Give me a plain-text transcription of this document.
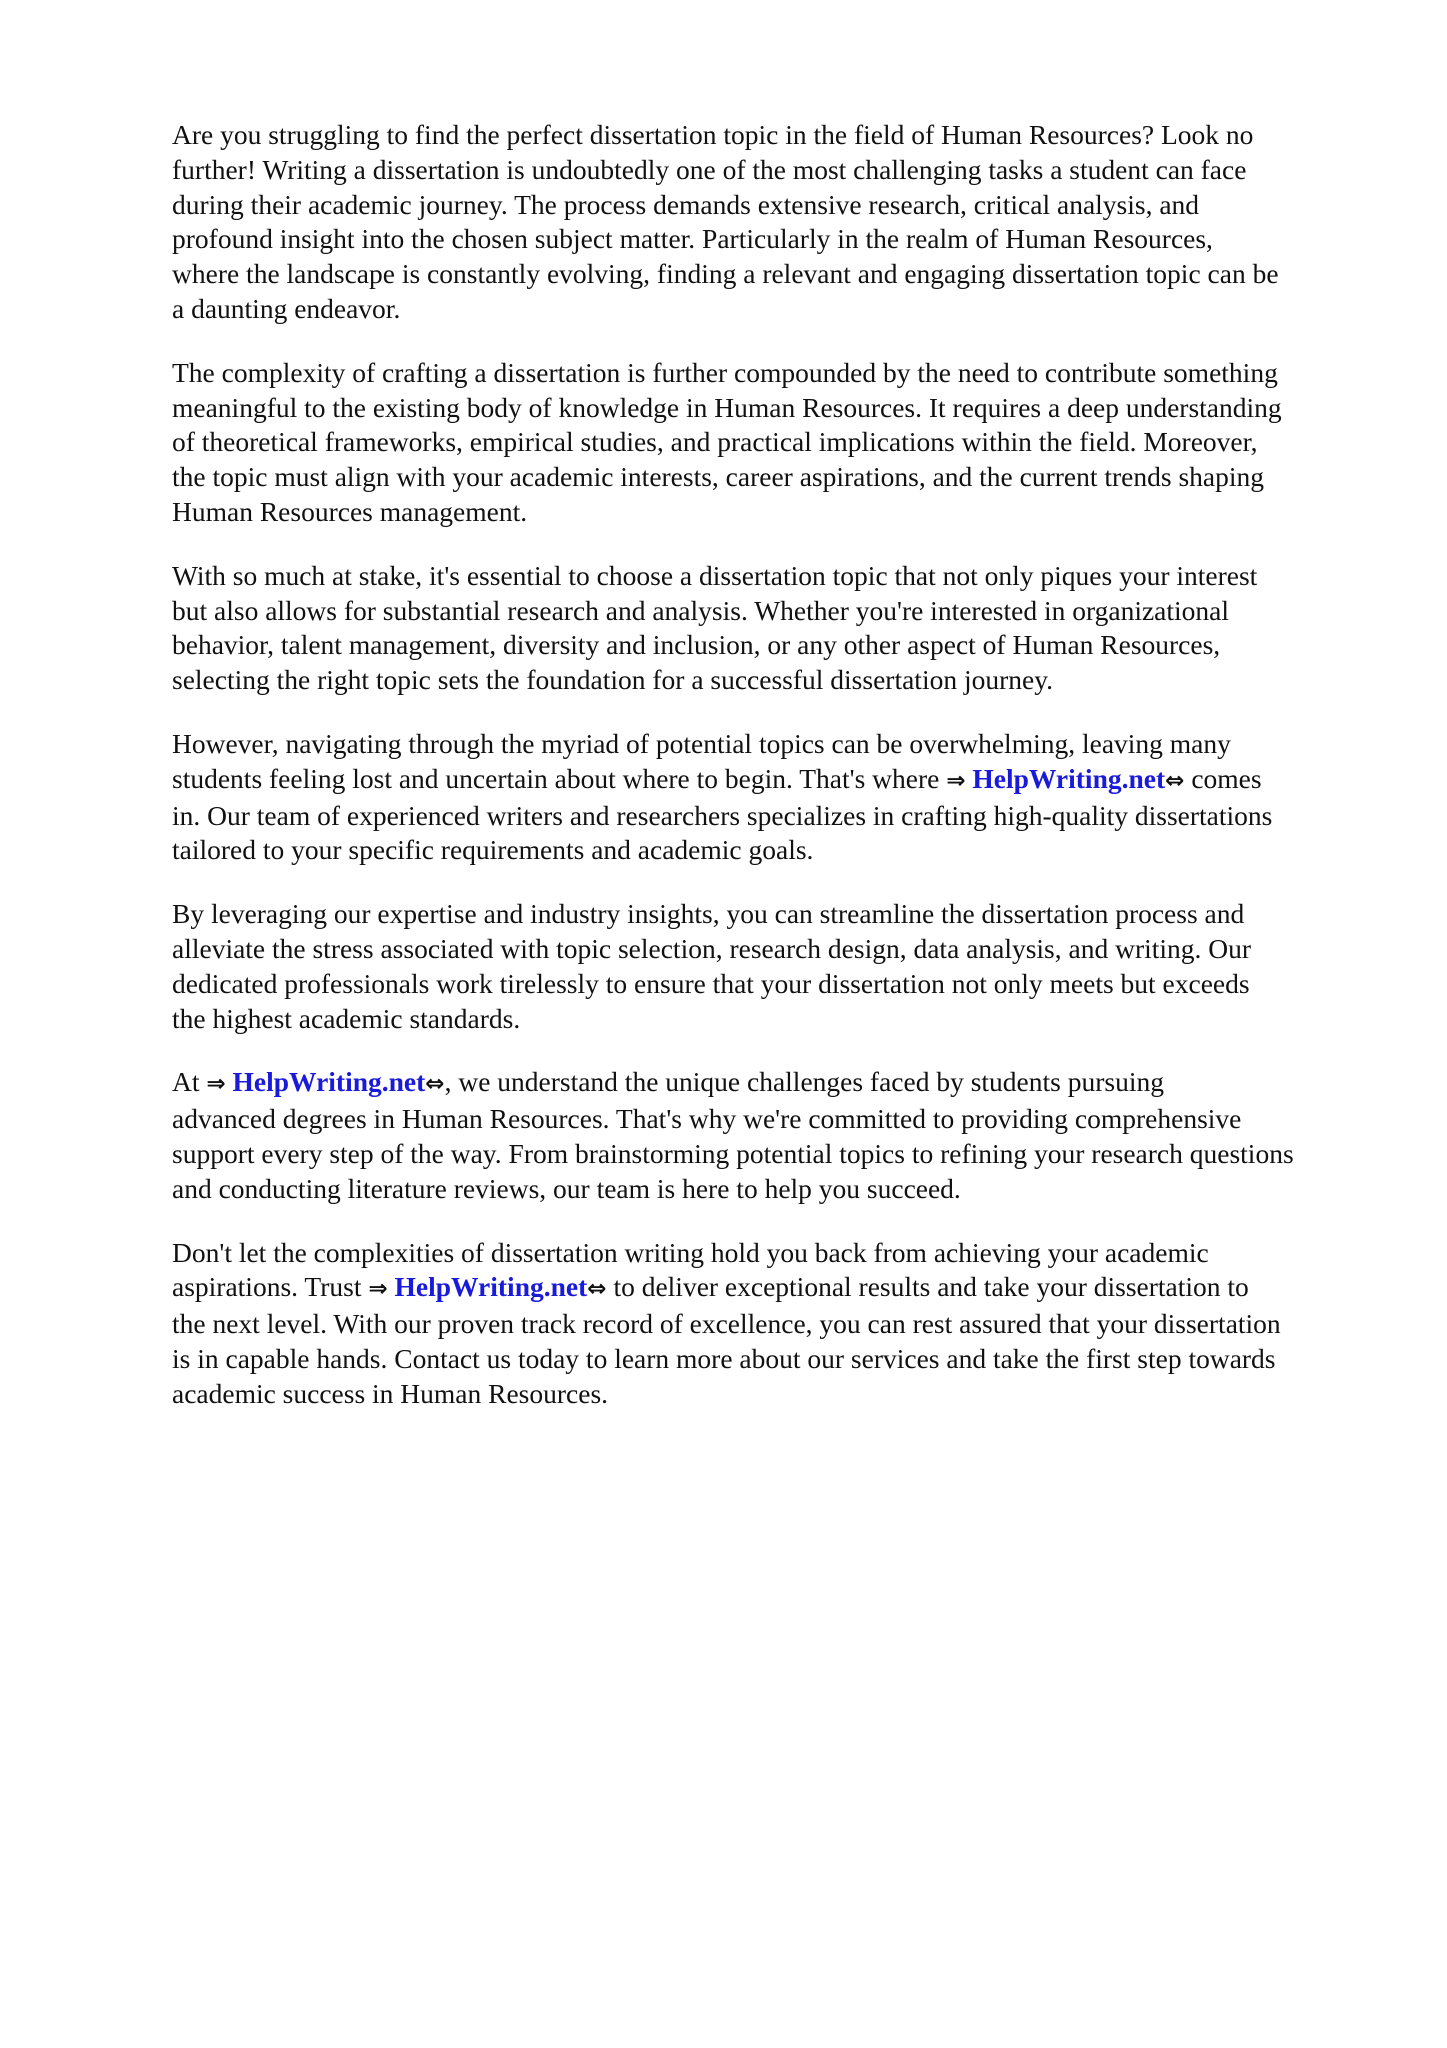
Are you struggling to find the perfect dissertation topic in the field of Human Resources? Look no
further! Writing a dissertation is undoubtedly one of the most challenging tasks a student can face
during their academic journey. The process demands extensive research, critical analysis, and
profound insight into the chosen subject matter. Particularly in the realm of Human Resources,
where the landscape is constantly evolving, finding a relevant and engaging dissertation topic can be
a daunting endeavor.

The complexity of crafting a dissertation is further compounded by the need to contribute something
meaningful to the existing body of knowledge in Human Resources. It requires a deep understanding
of theoretical frameworks, empirical studies, and practical implications within the field. Moreover,
the topic must align with your academic interests, career aspirations, and the current trends shaping
Human Resources management.

With so much at stake, it's essential to choose a dissertation topic that not only piques your interest
but also allows for substantial research and analysis. Whether you're interested in organizational
behavior, talent management, diversity and inclusion, or any other aspect of Human Resources,
selecting the right topic sets the foundation for a successful dissertation journey.

However, navigating through the myriad of potential topics can be overwhelming, leaving many
students feeling lost and uncertain about where to begin. That's where ⇒ HelpWriting.net⇔ comes
in. Our team of experienced writers and researchers specializes in crafting high-quality dissertations
tailored to your specific requirements and academic goals.

By leveraging our expertise and industry insights, you can streamline the dissertation process and
alleviate the stress associated with topic selection, research design, data analysis, and writing. Our
dedicated professionals work tirelessly to ensure that your dissertation not only meets but exceeds
the highest academic standards.

At ⇒ HelpWriting.net⇔, we understand the unique challenges faced by students pursuing
advanced degrees in Human Resources. That's why we're committed to providing comprehensive
support every step of the way. From brainstorming potential topics to refining your research questions
and conducting literature reviews, our team is here to help you succeed.

Don't let the complexities of dissertation writing hold you back from achieving your academic
aspirations. Trust ⇒ HelpWriting.net⇔ to deliver exceptional results and take your dissertation to
the next level. With our proven track record of excellence, you can rest assured that your dissertation
is in capable hands. Contact us today to learn more about our services and take the first step towards
academic success in Human Resources.
